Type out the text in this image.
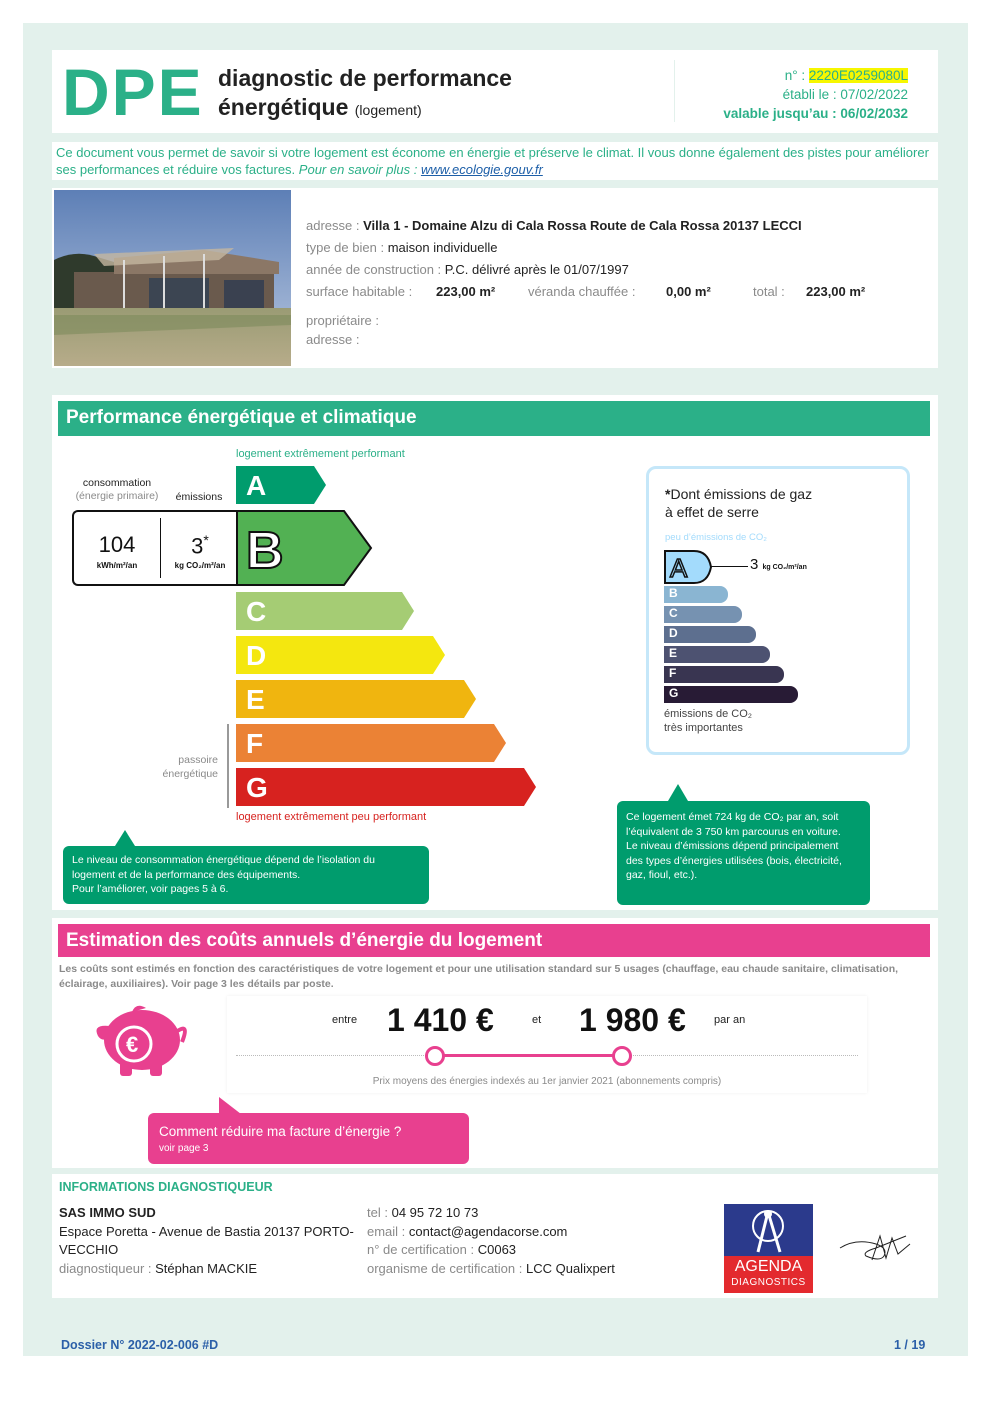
DPE diagnostic de performance
énergétique (logement)
n° : 2220E0259080L
établi le : 07/02/2022
valable jusqu’au : 06/02/2032
Ce document vous permet de savoir si votre logement est économe en énergie et préserve le climat. Il vous donne également des pistes pour améliorer ses performances et réduire vos factures. Pour en savoir plus : www.ecologie.gouv.fr
adresse : Villa 1 - Domaine Alzu di Cala Rossa Route de Cala Rossa 20137 LECCI
type de bien : maison individuelle
année de construction : P.C. délivré après le 01/07/1997
surface habitable : 223,00 m²	véranda chauffée : 0,00 m²	total : 223,00 m²
propriétaire :
adresse :
Performance énergétique et climatique
logement extrêmement performant
logement extrêmement peu performant
consommation
(énergie primaire)	émissions A
C
D
E
F
G
104
kWh/m²/an
3*
kg CO₂/m²/an B
passoire
énergétique
*Dont émissions de gaz
à effet de serre
peu d’émissions de CO₂
A	3 kg CO₂/m²/an
B
C
D
E
F
G
émissions de CO₂
très importantes
Le niveau de consommation énergétique dépend de l’isolation du
logement et de la performance des équipements.
Pour l’améliorer, voir pages 5 à 6.
Ce logement émet 724 kg de CO₂ par an, soit
l’équivalent de 3 750 km parcourus en voiture.
Le niveau d’émissions dépend principalement
des types d’énergies utilisées (bois, électricité,
gaz, fioul, etc.).
Estimation des coûts annuels d’énergie du logement
Les coûts sont estimés en fonction des caractéristiques de votre logement et pour une utilisation standard sur 5 usages (chauffage, eau chaude sanitaire, climatisation, éclairage, auxiliaires). Voir page 3 les détails par poste.
€
entre 1 410 €	et 1 980 €	par an
Prix moyens des énergies indexés au 1er janvier 2021 (abonnements compris)
Comment réduire ma facture d’énergie ?
voir page 3
INFORMATIONS DIAGNOSTIQUEUR
SAS IMMO SUD
Espace Poretta - Avenue de Bastia 20137 PORTO-
VECCHIO
diagnostiqueur : Stéphan MACKIE
tel : 04 95 72 10 73
email : contact@agendacorse.com
n° de certification : C0063
organisme de certification : LCC Qualixpert	AGENDA
DIAGNOSTICS
Dossier N° 2022-02-006 #D	1 / 19
